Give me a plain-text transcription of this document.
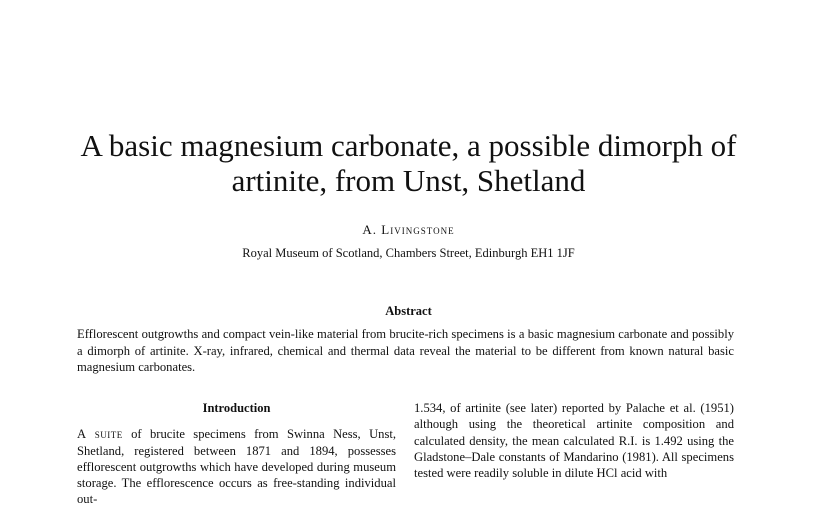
A basic magnesium carbonate, a possible dimorph of artinite, from Unst, Shetland
A. Livingstone
Royal Museum of Scotland, Chambers Street, Edinburgh EH1 1JF
Abstract

Efflorescent outgrowths and compact vein-like material from brucite-rich specimens is a basic magnesium carbonate and possibly a dimorph of artinite. X-ray, infrared, chemical and thermal data reveal the material to be different from known natural basic magnesium carbonates.

Introduction

A suite of brucite specimens from Swinna Ness, Unst, Shetland, registered between 1871 and 1894, possesses efflorescent outgrowths which have developed during museum storage. The efflorescence occurs as free-standing individual out-

1.534, of artinite (see later) reported by Palache et al. (1951) although using the theoretical artinite composition and calculated density, the mean calculated R.I. is 1.492 using the Gladstone–Dale constants of Mandarino (1981). All specimens tested were readily soluble in dilute HCl acid with
